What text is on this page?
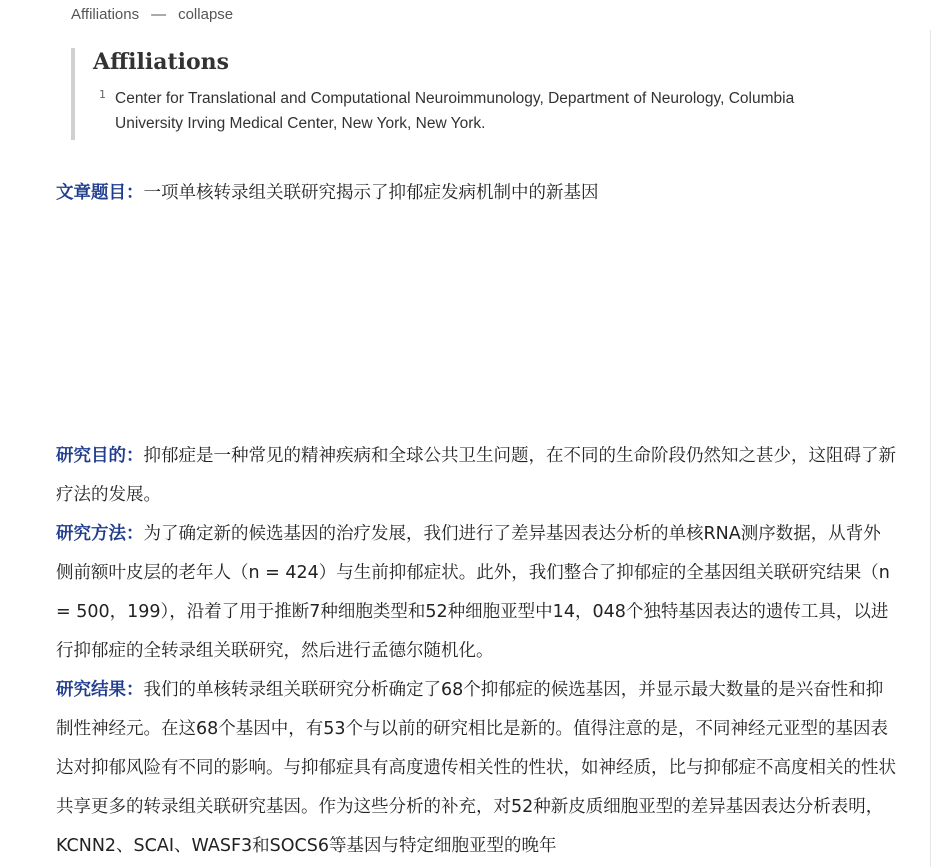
Affiliations — collapse
Affiliations
1 Center for Translational and Computational Neuroimmunology, Department of Neurology, Columbia University Irving Medical Center, New York, New York.
文章题目：一项单核转录组关联研究揭示了抑郁症发病机制中的新基因

研究目的：抑郁症是一种常见的精神疾病和全球公共卫生问题，在不同的生命阶段仍然知之甚少，这阻碍了新疗法的发展。

研究方法：为了确定新的候选基因的治疗发展，我们进行了差异基因表达分析的单核RNA测序数据，从背外侧前额叶皮层的老年人（n = 424）与生前抑郁症状。此外，我们整合了抑郁症的全基因组关联研究结果（n = 500，199），沿着了用于推断7种细胞类型和52种细胞亚型中14，048个独特基因表达的遗传工具，以进行抑郁症的全转录组关联研究，然后进行孟德尔随机化。

研究结果：我们的单核转录组关联研究分析确定了68个抑郁症的候选基因，并显示最大数量的是兴奋性和抑制性神经元。在这68个基因中，有53个与以前的研究相比是新的。值得注意的是，不同神经元亚型的基因表达对抑郁风险有不同的影响。与抑郁症具有高度遗传相关性的性状，如神经质，比与抑郁症不高度相关的性状共享更多的转录组关联研究基因。作为这些分析的补充，对52种新皮质细胞亚型的差异基因表达分析表明，KCNN2、SCAI、WASF3和SOCS6等基因与特定细胞亚型的晚年
